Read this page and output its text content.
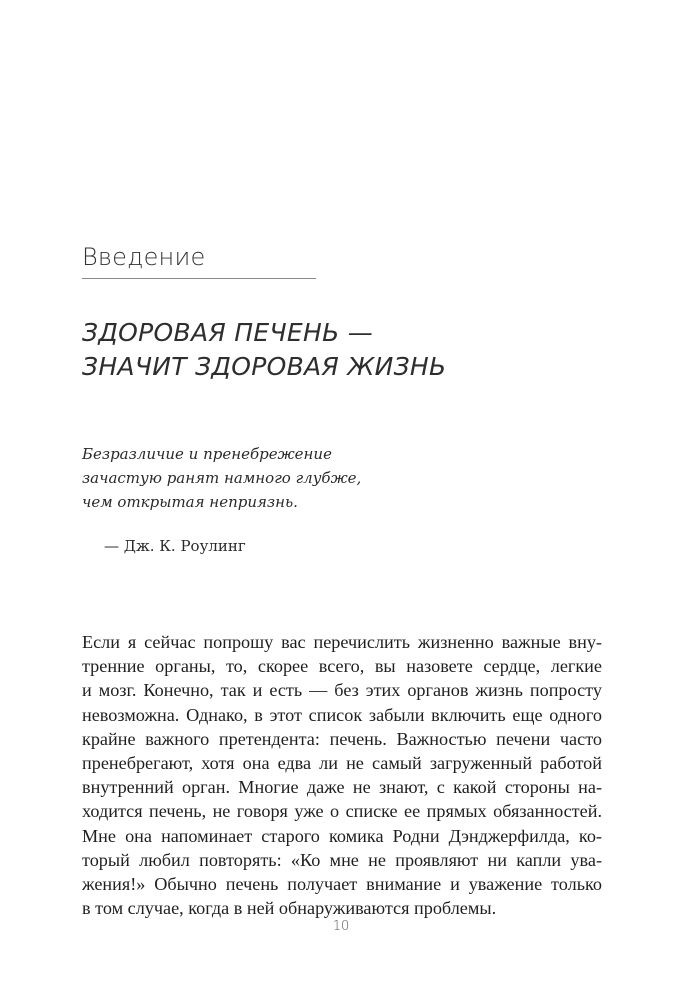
Введение
ЗДОРОВАЯ ПЕЧЕНЬ —
ЗНАЧИТ ЗДОРОВАЯ ЖИЗНЬ
Безразличие и пренебрежение
зачастую ранят намного глубже,
чем открытая неприязнь.
— Дж. К. Роулинг
Если я сейчас попрошу вас перечислить жизненно важные вну-
тренние органы, то, скорее всего, вы назовете сердце, легкие
и мозг. Конечно, так и есть — без этих органов жизнь попросту
невозможна. Однако, в этот список забыли включить еще одного
крайне важного претендента: печень. Важностью печени часто
пренебрегают, хотя она едва ли не самый загруженный работой
внутренний орган. Многие даже не знают, с какой стороны на-
ходится печень, не говоря уже о списке ее прямых обязанностей.
Мне она напоминает старого комика Родни Дэнджерфилда, ко-
торый любил повторять: «Ко мне не проявляют ни капли ува-
жения!» Обычно печень получает внимание и уважение только
в том случае, когда в ней обнаруживаются проблемы.
10
